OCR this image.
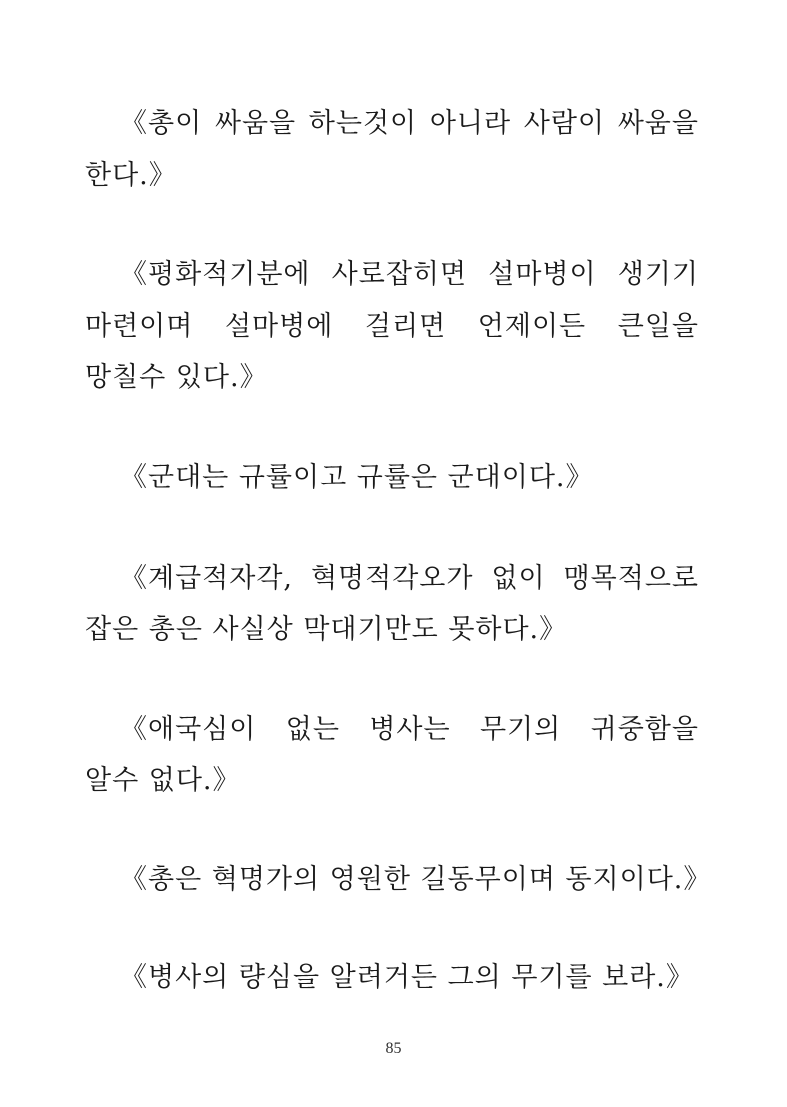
《총이 싸움을 하는것이 아니라 사람이 싸움을
한다.》
《평화적기분에 사로잡히면 설마병이 생기기
마련이며 설마병에 걸리면 언제이든 큰일을
망칠수 있다.》
《군대는 규률이고 규률은 군대이다.》
《계급적자각, 혁명적각오가 없이 맹목적으로
잡은 총은 사실상 막대기만도 못하다.》
《애국심이 없는 병사는 무기의 귀중함을
알수 없다.》
《총은 혁명가의 영원한 길동무이며 동지이다.》
《병사의 량심을 알려거든 그의 무기를 보라.》
85
